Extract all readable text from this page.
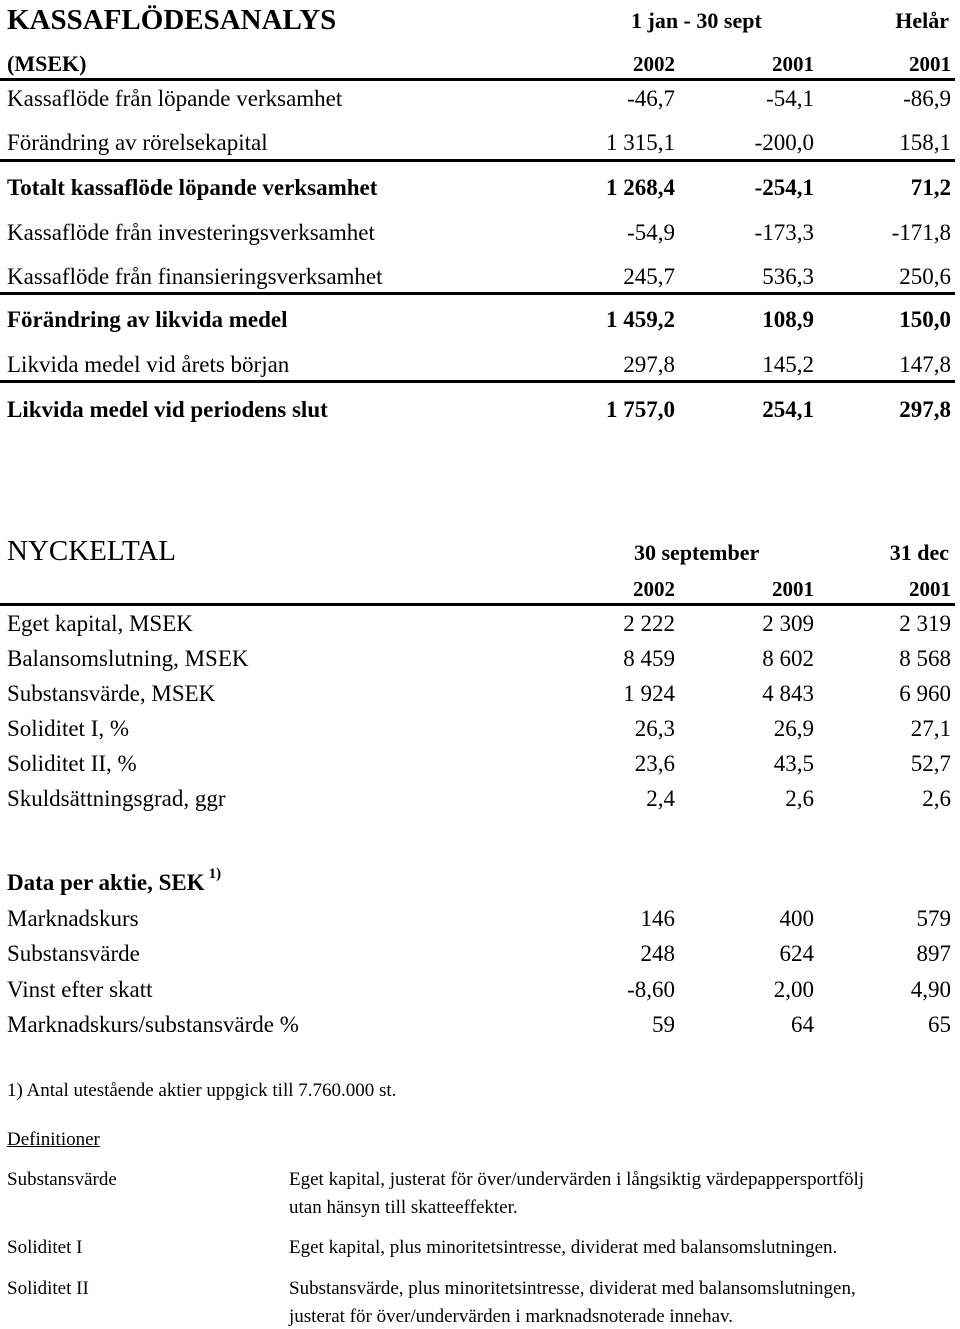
KASSAFLÖDESANALYS	1 jan - 30 sept	Helår
(MSEK)	2002	2001	2001
Kassaflöde från löpande verksamhet	-46,7	-54,1	-86,9
Förändring av rörelsekapital	1 315,1	-200,0	158,1
Totalt kassaflöde löpande verksamhet	1 268,4	-254,1	71,2
Kassaflöde från investeringsverksamhet	-54,9	-173,3	-171,8
Kassaflöde från finansieringsverksamhet	245,7	536,3	250,6
Förändring av likvida medel	1 459,2	108,9	150,0
Likvida medel vid årets början	297,8	145,2	147,8
Likvida medel vid periodens slut	1 757,0	254,1	297,8
NYCKELTAL	30 september	31 dec
2002	2001	2001
Eget kapital, MSEK	2 222	2 309	2 319
Balansomslutning, MSEK	8 459	8 602	8 568
Substansvärde, MSEK	1 924	4 843	6 960
Soliditet I, %	26,3	26,9	27,1
Soliditet II, %	23,6	43,5	52,7
Skuldsättningsgrad, ggr	2,4	2,6	2,6
Data per aktie, SEK $^{1)}$
Marknadskurs	146	400	579
Substansvärde	248	624	897
Vinst efter skatt	-8,60	2,00	4,90
Marknadskurs/substansvärde %	59	64	65
1) Antal utestående aktier uppgick till 7.760.000 st.
Definitioner
Substansvärde	Eget kapital, justerat för över/undervärden i långsiktig värdepappersportfölj
utan hänsyn till skatteeffekter.
Soliditet I	Eget kapital, plus minoritetsintresse, dividerat med balansomslutningen.
Soliditet II	Substansvärde, plus minoritetsintresse, dividerat med balansomslutningen,
justerat för över/undervärden i marknadsnoterade innehav.
